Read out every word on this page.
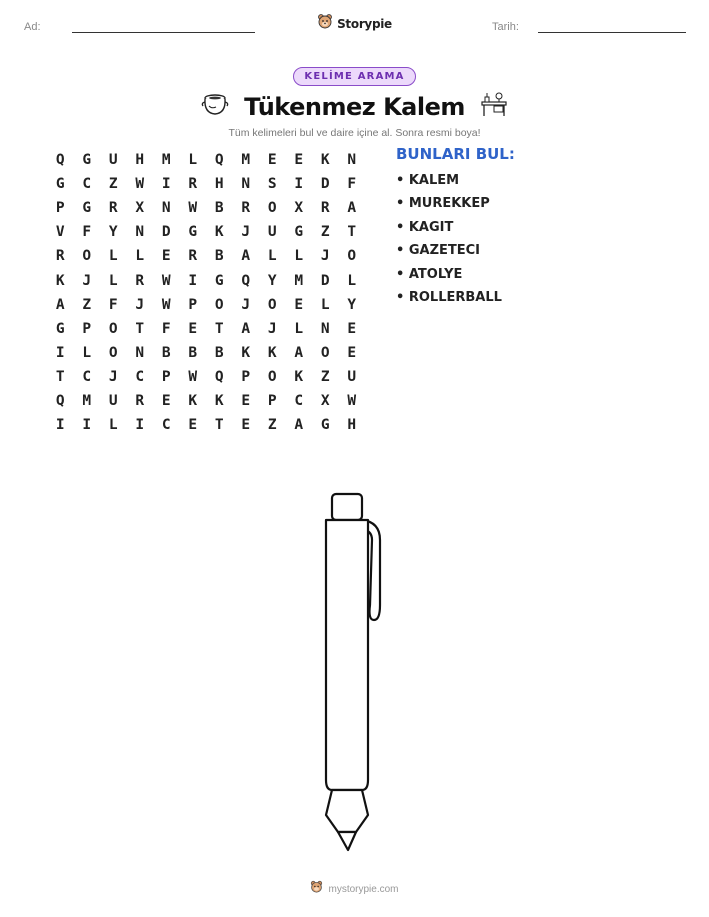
Ad:	Tarih:
Storypie
KELİME ARAMA
Tükenmez Kalem
Tüm kelimeleri bul ve daire içine al. Sonra resmi boya!
Q	G	U	H	M	L	Q	M	E	E	K	N
G	C	Z	W	I	R	H	N	S	I	D	F
P	G	R	X	N	W	B	R	O	X	R	A
V	F	Y	N	D	G	K	J	U	G	Z	T
R	O	L	L	E	R	B	A	L	L	J	O
K	J	L	R	W	I	G	Q	Y	M	D	L
A	Z	F	J	W	P	O	J	O	E	L	Y
G	P	O	T	F	E	T	A	J	L	N	E
I	L	O	N	B	B	B	K	K	A	O	E
T	C	J	C	P	W	Q	P	O	K	Z	U
Q	M	U	R	E	K	K	E	P	C	X	W
I	I	L	I	C	E	T	E	Z	A	G	H
BUNLARI BUL:
• KALEM
• MUREKKEP
• KAGIT
• GAZETECI
• ATOLYE
• ROLLERBALL
mystorypie.com
